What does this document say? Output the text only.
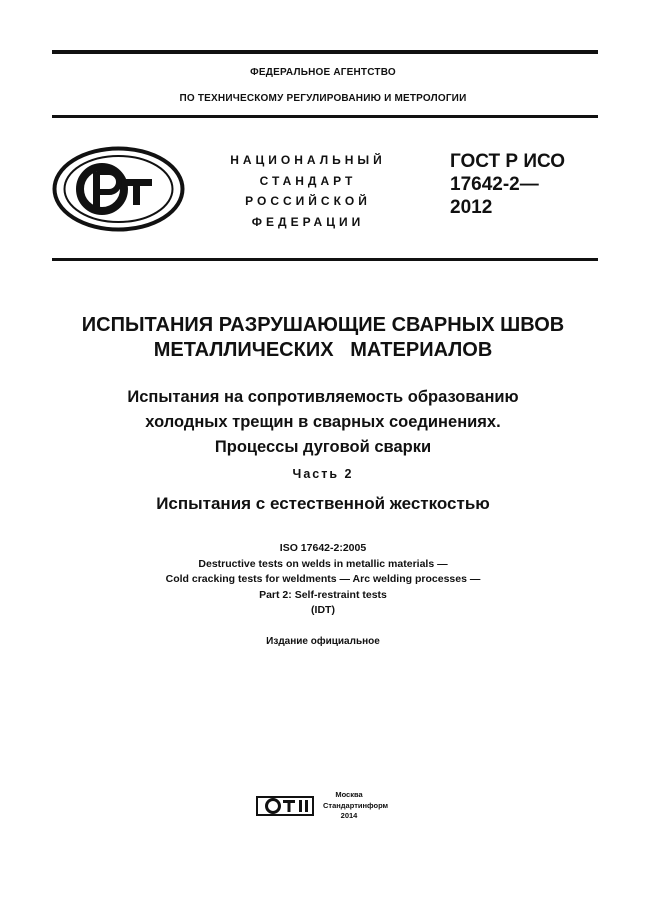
ФЕДЕРАЛЬНОЕ АГЕНТСТВО
ПО ТЕХНИЧЕСКОМУ РЕГУЛИРОВАНИЮ И МЕТРОЛОГИИ
НАЦИОНАЛЬНЫЙ
СТАНДАРТ
РОССИЙСКОЙ
ФЕДЕРАЦИИ
ГОСТ Р ИСО
17642-2—
2012
ИСПЫТАНИЯ РАЗРУШАЮЩИЕ СВАРНЫХ ШВОВ
МЕТАЛЛИЧЕСКИХ   МАТЕРИАЛОВ
Испытания на сопротивляемость образованию
холодных трещин в сварных соединениях.
Процессы дуговой сварки
Часть 2
Испытания с естественной жесткостью
ISO 17642-2:2005
Destructive tests on welds in metallic materials —
Cold cracking tests for weldments — Arc welding processes —
Part 2: Self-restraint tests
(IDT)
Издание официальное
Москва
Стандартинформ
2014
